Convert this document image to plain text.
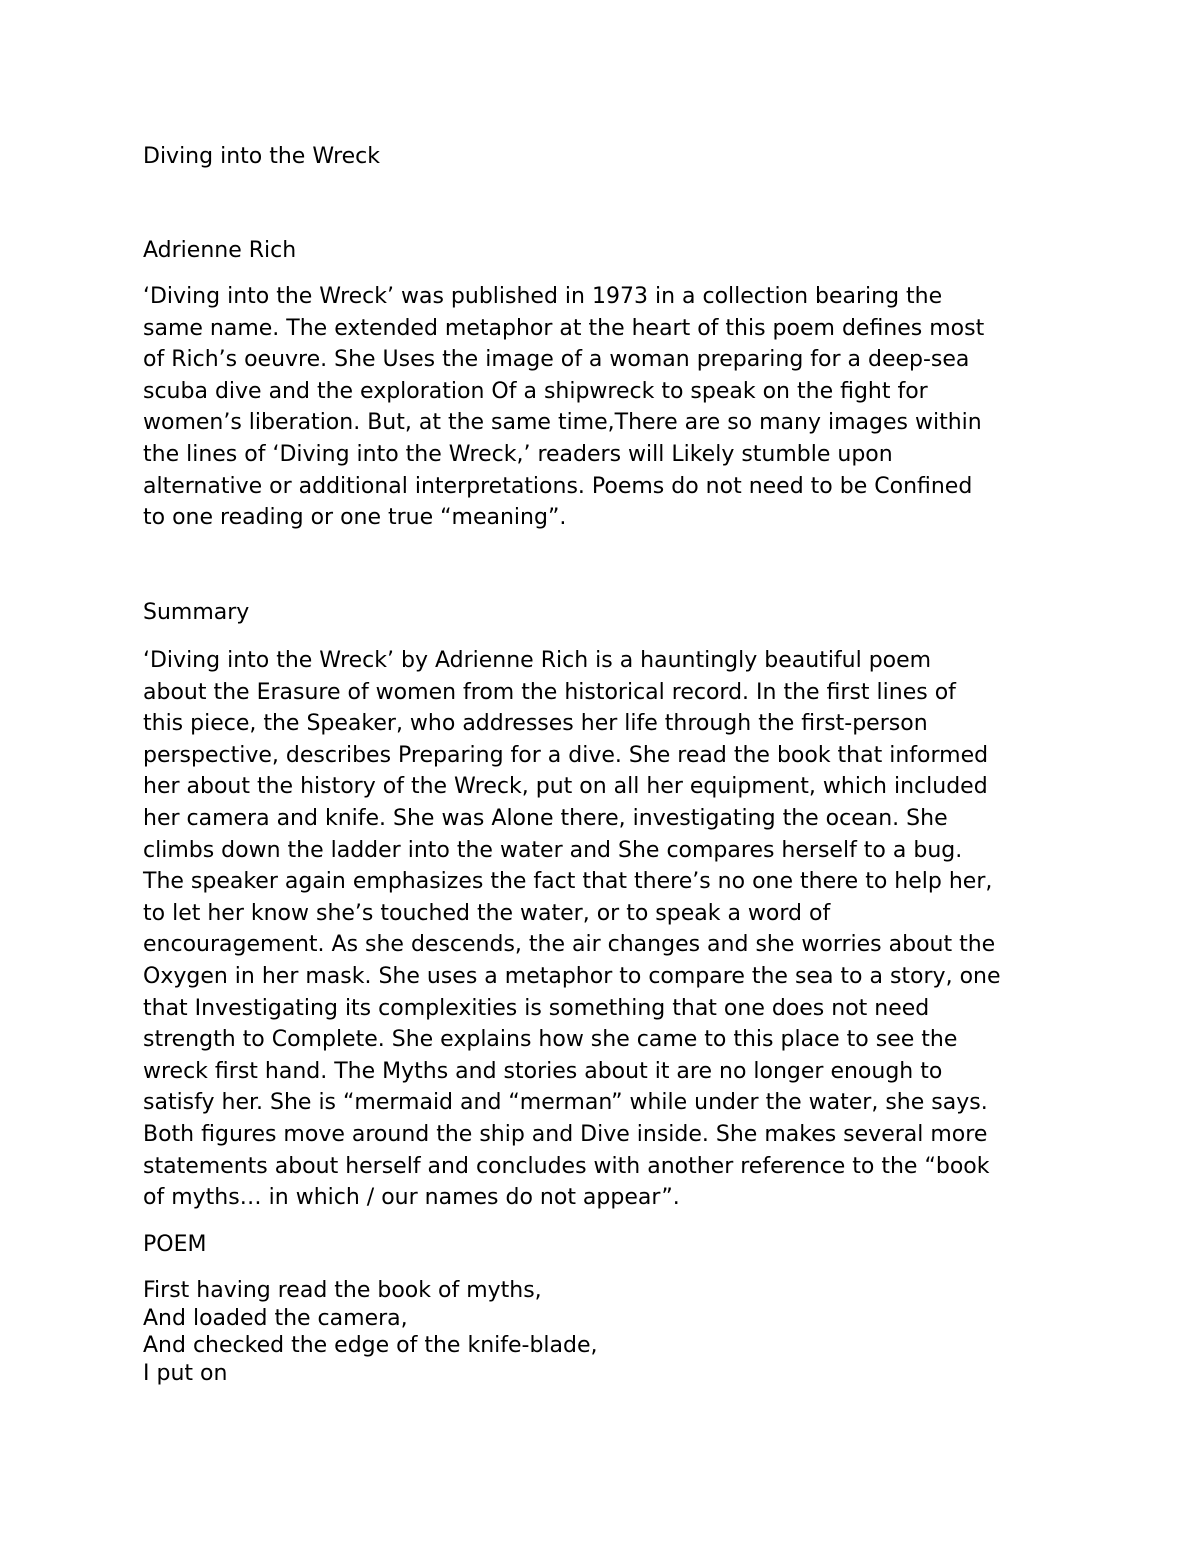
Diving into the Wreck
Adrienne Rich
‘Diving into the Wreck’ was published in 1973 in a collection bearing the
same name. The extended metaphor at the heart of this poem defines most
of Rich’s oeuvre. She Uses the image of a woman preparing for a deep-sea
scuba dive and the exploration Of a shipwreck to speak on the fight for
women’s liberation. But, at the same time,There are so many images within
the lines of ‘Diving into the Wreck,’ readers will Likely stumble upon
alternative or additional interpretations. Poems do not need to be Confined
to one reading or one true “meaning”.
Summary
‘Diving into the Wreck’ by Adrienne Rich is a hauntingly beautiful poem
about the Erasure of women from the historical record. In the first lines of
this piece, the Speaker, who addresses her life through the first-person
perspective, describes Preparing for a dive. She read the book that informed
her about the history of the Wreck, put on all her equipment, which included
her camera and knife. She was Alone there, investigating the ocean. She
climbs down the ladder into the water and She compares herself to a bug.
The speaker again emphasizes the fact that there’s no one there to help her,
to let her know she’s touched the water, or to speak a word of
encouragement. As she descends, the air changes and she worries about the
Oxygen in her mask. She uses a metaphor to compare the sea to a story, one
that Investigating its complexities is something that one does not need
strength to Complete. She explains how she came to this place to see the
wreck first hand. The Myths and stories about it are no longer enough to
satisfy her. She is “mermaid and “merman” while under the water, she says.
Both figures move around the ship and Dive inside. She makes several more
statements about herself and concludes with another reference to the “book
of myths… in which / our names do not appear”.
POEM
First having read the book of myths,
And loaded the camera,
And checked the edge of the knife-blade,
I put on
